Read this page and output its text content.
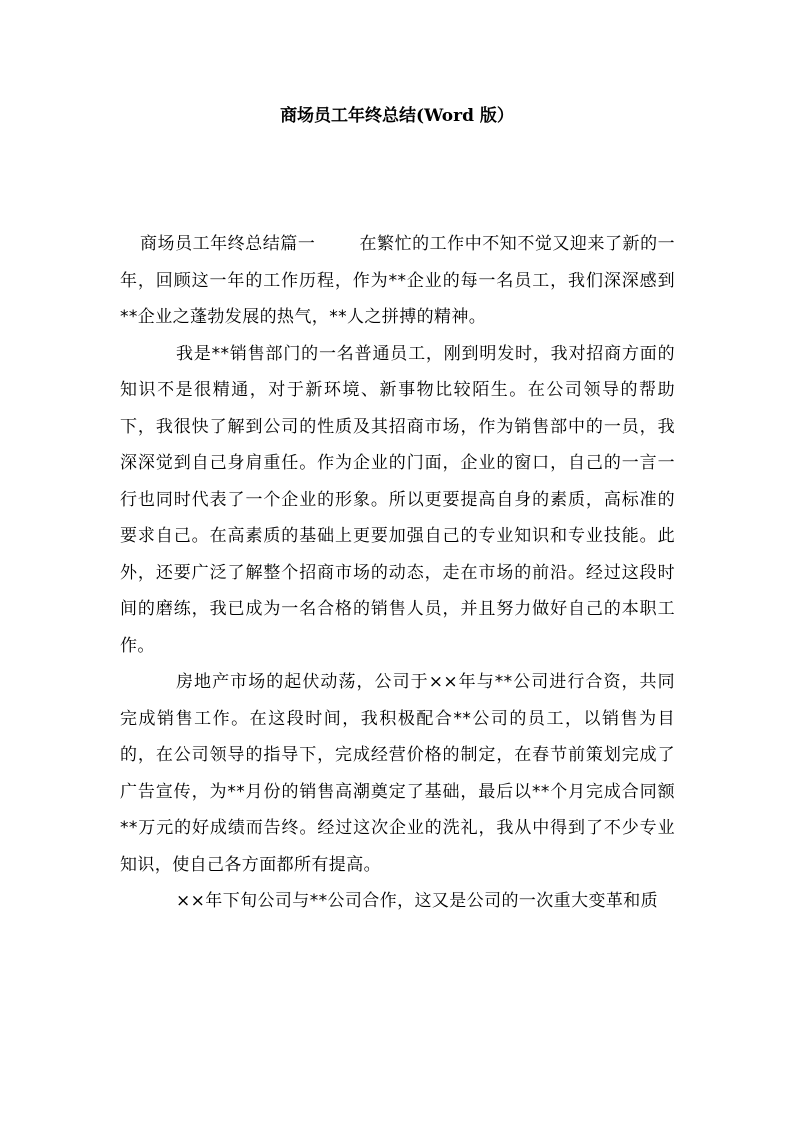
商场员工年终总结(Word 版）

商场员工年终总结篇一	在繁忙的工作中不知不觉又迎来了新的一年，回顾这一年的工作历程，作为**企业的每一名员工，我们深深感到**企业之蓬勃发展的热气，**人之拼搏的精神。

我是**销售部门的一名普通员工，刚到明发时，我对招商方面的知识不是很精通，对于新环境、新事物比较陌生。在公司领导的帮助下，我很快了解到公司的性质及其招商市场，作为销售部中的一员，我深深觉到自己身肩重任。作为企业的门面，企业的窗口，自己的一言一行也同时代表了一个企业的形象。所以更要提高自身的素质，高标准的要求自己。在高素质的基础上更要加强自己的专业知识和专业技能。此外，还要广泛了解整个招商市场的动态，走在市场的前沿。经过这段时间的磨练，我已成为一名合格的销售人员，并且努力做好自己的本职工作。

房地产市场的起伏动荡，公司于××年与**公司进行合资，共同完成销售工作。在这段时间，我积极配合**公司的员工，以销售为目的，在公司领导的指导下，完成经营价格的制定，在春节前策划完成了广告宣传，为**月份的销售高潮奠定了基础，最后以**个月完成合同额**万元的好成绩而告终。经过这次企业的洗礼，我从中得到了不少专业知识，使自己各方面都所有提高。

××年下旬公司与**公司合作，这又是公司的一次重大变革和质
